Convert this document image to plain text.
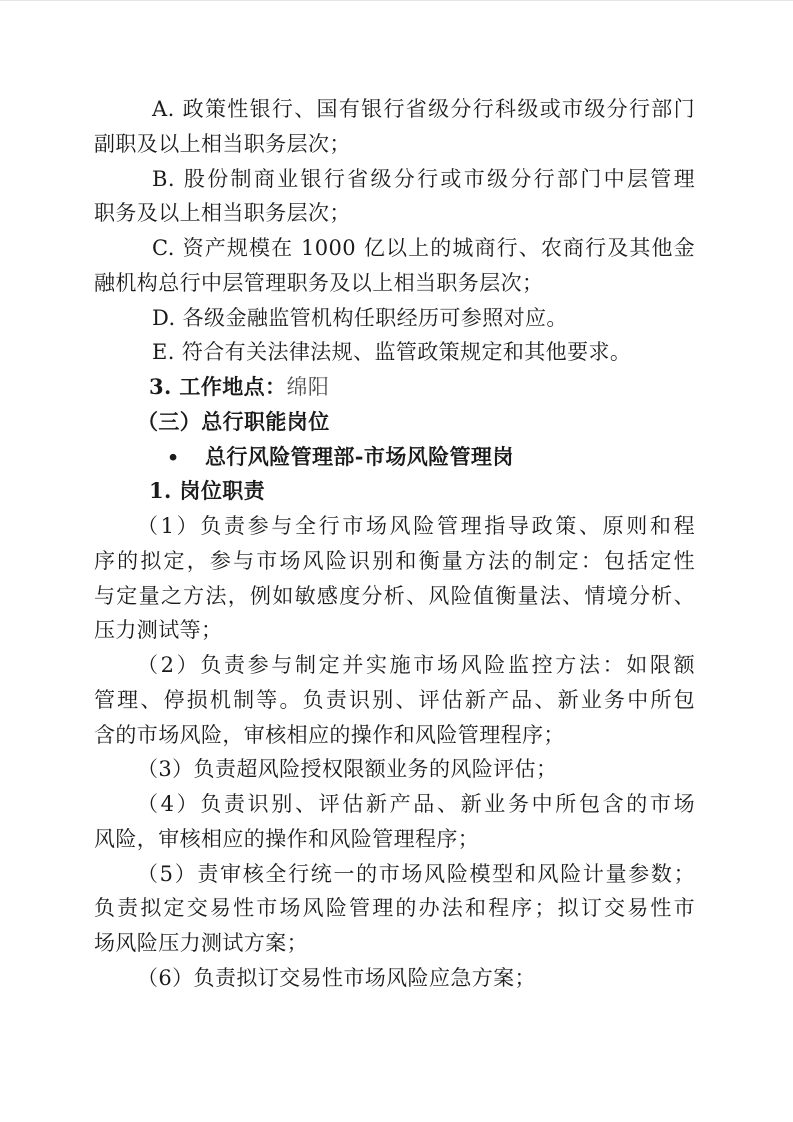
A. 政策性银行、国有银行省级分行科级或市级分行部门
副职及以上相当职务层次；
B. 股份制商业银行省级分行或市级分行部门中层管理
职务及以上相当职务层次；
C. 资产规模在 1000 亿以上的城商行、农商行及其他金
融机构总行中层管理职务及以上相当职务层次；
D. 各级金融监管机构任职经历可参照对应。
E. 符合有关法律法规、监管政策规定和其他要求。
3. 工作地点：绵阳
（三）总行职能岗位
• 总行风险管理部-市场风险管理岗
1. 岗位职责
（1）负责参与全行市场风险管理指导政策、原则和程
序的拟定，参与市场风险识别和衡量方法的制定：包括定性
与定量之方法，例如敏感度分析、风险值衡量法、情境分析、
压力测试等；
（2）负责参与制定并实施市场风险监控方法：如限额
管理、停损机制等。负责识别、评估新产品、新业务中所包
含的市场风险，审核相应的操作和风险管理程序；
（3）负责超风险授权限额业务的风险评估；
（4）负责识别、评估新产品、新业务中所包含的市场
风险，审核相应的操作和风险管理程序；
（5）责审核全行统一的市场风险模型和风险计量参数；
负责拟定交易性市场风险管理的办法和程序；拟订交易性市
场风险压力测试方案；
（6）负责拟订交易性市场风险应急方案；
